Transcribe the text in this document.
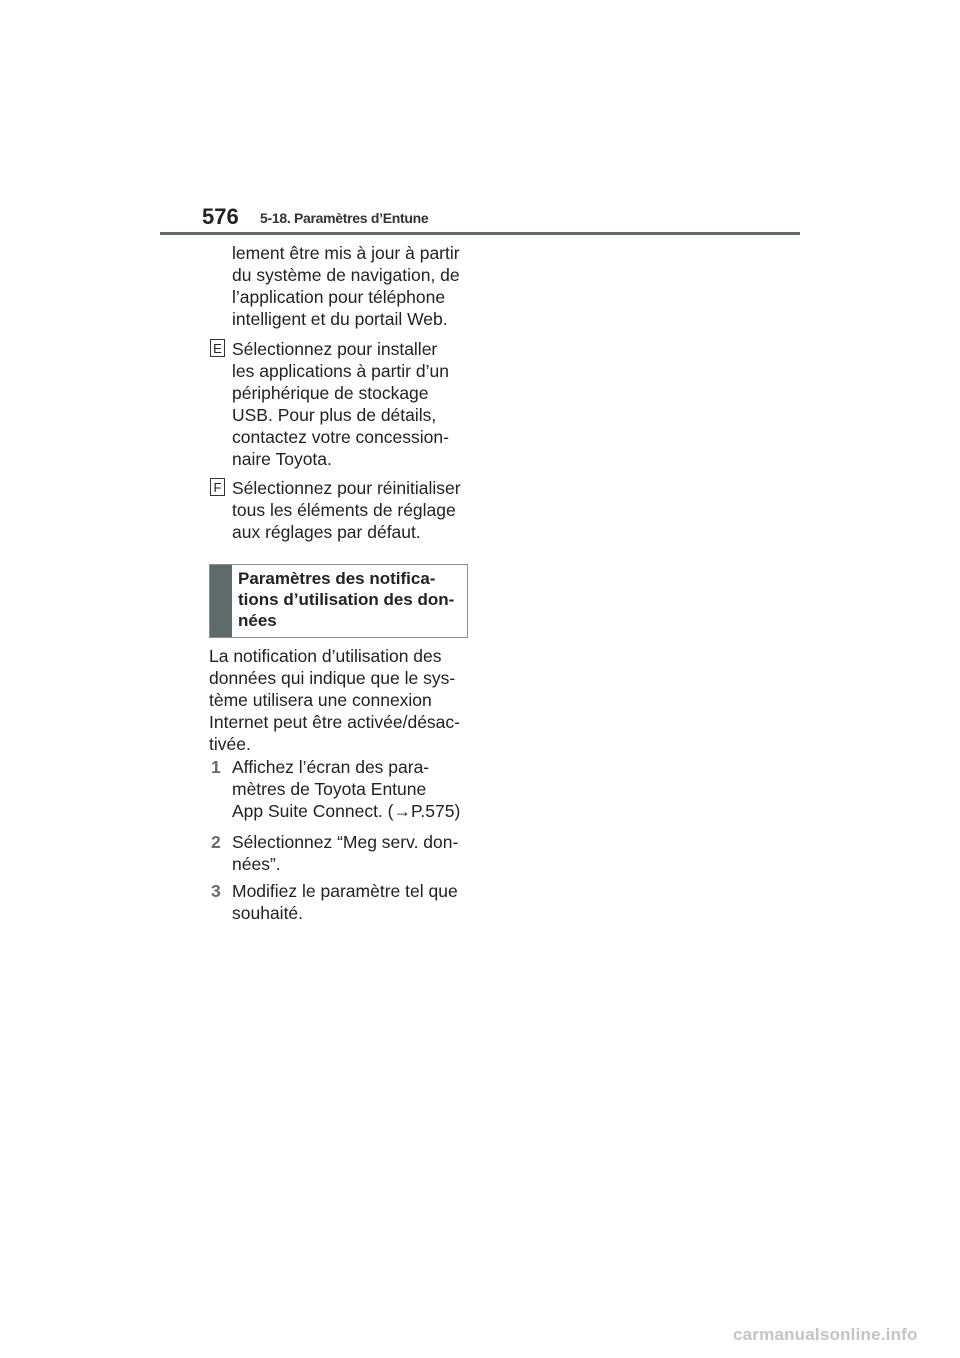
576 5-18. Paramètres d’Entune
lement être mis à jour à partir
du système de navigation, de
l’application pour téléphone
intelligent et du portail Web.
E Sélectionnez pour installer
les applications à partir d’un
périphérique de stockage
USB. Pour plus de détails,
contactez votre concession-
naire Toyota.
F Sélectionnez pour réinitialiser
tous les éléments de réglage
aux réglages par défaut.
Paramètres des notifica-
tions d’utilisation des don-
nées
La notification d’utilisation des
données qui indique que le sys-
tème utilisera une connexion
Internet peut être activée/désac-
tivée.
1 Affichez l’écran des para-
mètres de Toyota Entune
App Suite Connect. (→P.575)
2 Sélectionnez “Meg serv. don-
nées”.
3 Modifiez le paramètre tel que
souhaité.
carmanualsonline.info
